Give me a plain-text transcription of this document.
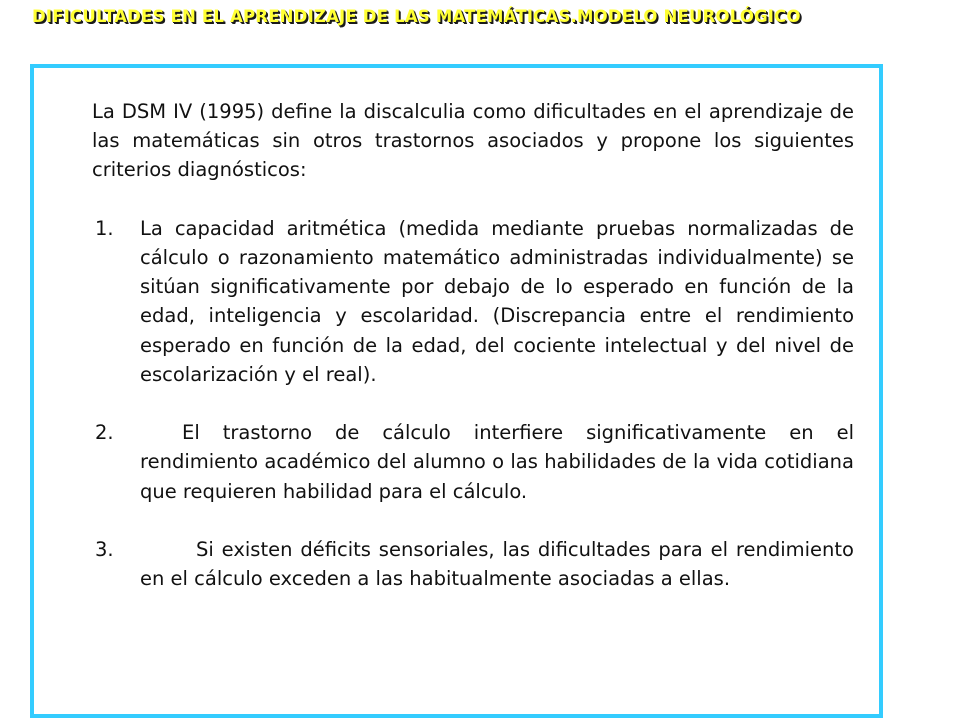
DIFICULTADES EN EL APRENDIZAJE DE LAS MATEMÁTICAS.MODELO NEUROLÓGICO

La DSM IV (1995) define la discalculia como dificultades en el aprendizaje de las matemáticas sin otros trastornos asociados y propone los siguientes criterios diagnósticos:

1. La capacidad aritmética (medida mediante pruebas normalizadas de cálculo o razonamiento matemático administradas individualmente) se sitúan significativamente por debajo de lo esperado en función de la edad, inteligencia y escolaridad. (Discrepancia entre el rendimiento esperado en función de la edad, del cociente intelectual y del nivel de escolarización y el real).
2.	El trastorno de cálculo interfiere significativamente en el rendimiento académico del alumno o las habilidades de la vida cotidiana que requieren habilidad para el cálculo.
3.	Si existen déficits sensoriales, las dificultades para el rendimiento en el cálculo exceden a las habitualmente asociadas a ellas.
